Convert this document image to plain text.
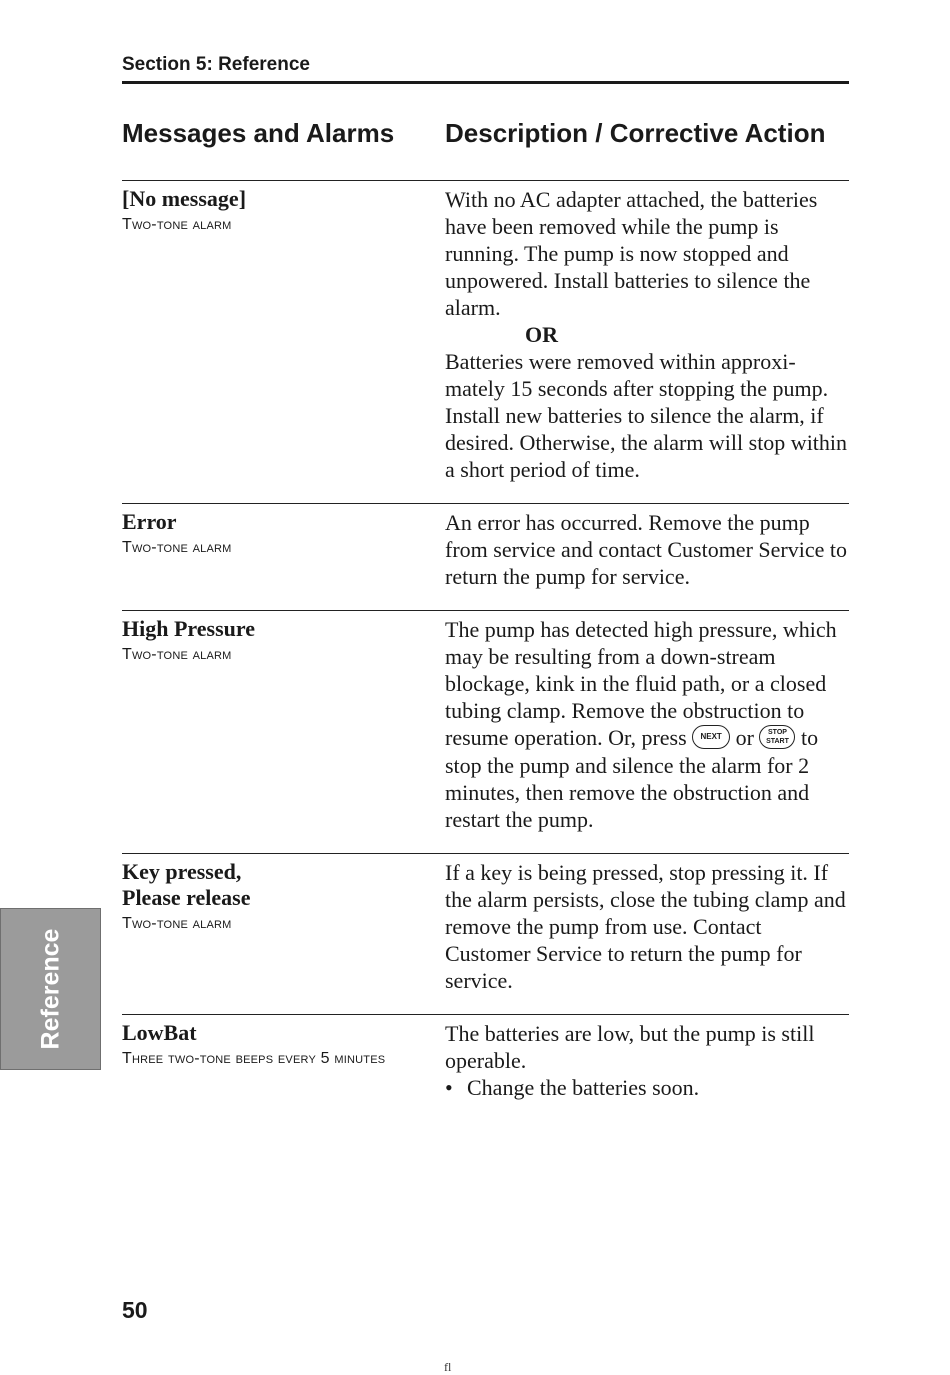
Section 5: Reference
Messages and Alarms Description / Corrective Action
[No message]
Two-tone alarm

With no AC adapter attached, the batteries have been removed while the pump is running. The pump is now stopped and unpowered. Install batteries to silence the alarm.

OR

Batteries were removed within approxi-mately 15 seconds after stopping the pump. Install new batteries to silence the alarm, if desired. Otherwise, the alarm will stop within a short period of time.

Error
Two-tone alarm

An error has occurred. Remove the pump from service and contact Customer Service to return the pump for service.

High Pressure
Two-tone alarm

The pump has detected high pressure, which may be resulting from a down-stream blockage, kink in the fluid path, or a closed tubing clamp. Remove the obstruction to resume operation. Or, press NEXT or	STOP
START to stop the pump and silence the alarm for 2 minutes, then remove the obstruction and restart the pump.

Key pressed,
Please release
Two-tone alarm

If a key is being pressed, stop pressing it. If the alarm persists, close the tubing clamp and remove the pump from use. Contact Customer Service to return the pump for service.

LowBat
Three two-tone beeps every 5 minutes

The batteries are low, but the pump is still operable.

• Change the batteries soon.
Reference
50
fl
